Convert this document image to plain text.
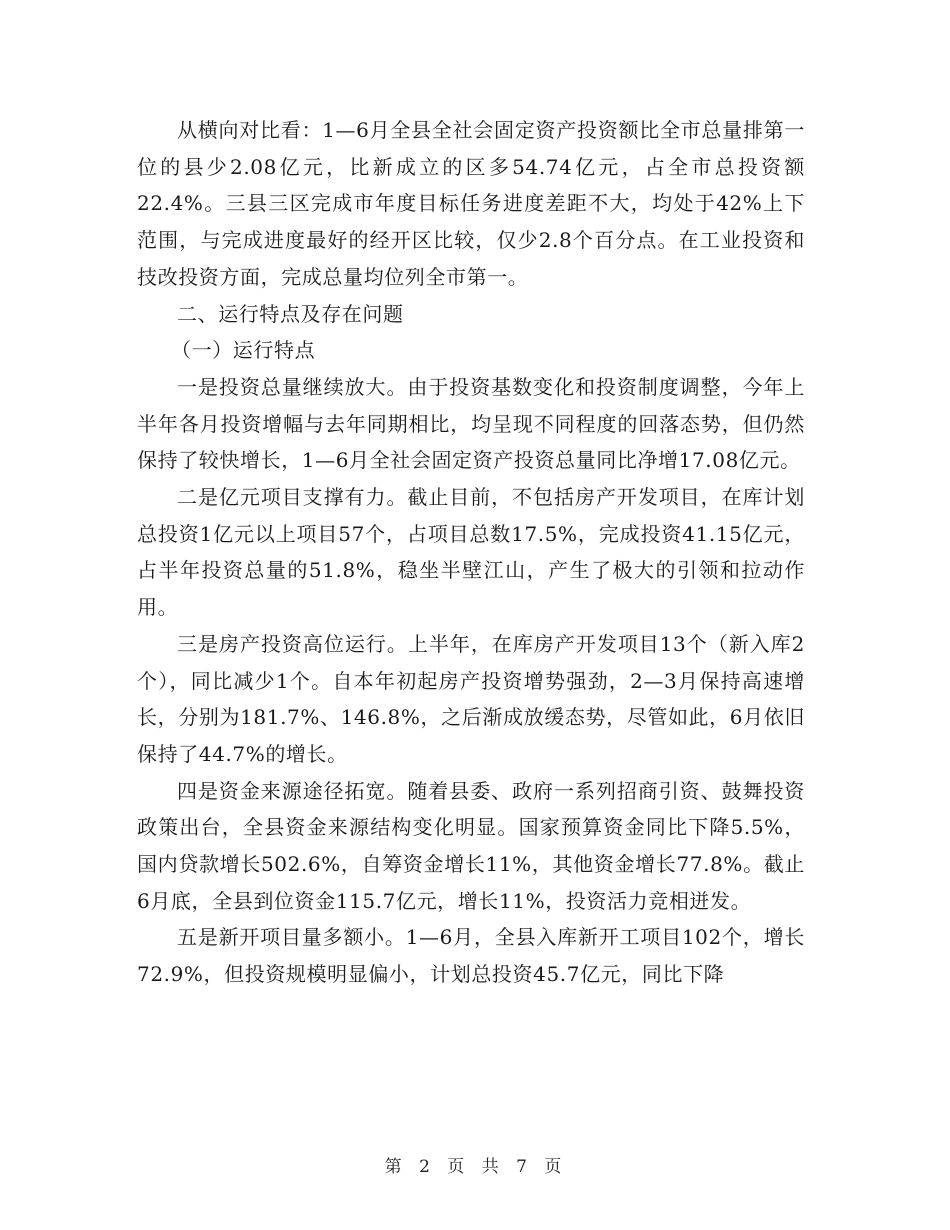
从横向对比看：1—6月全县全社会固定资产投资额比全市总量排第一位的县少2.08亿元，比新成立的区多54.74亿元，占全市总投资额22.4%。三县三区完成市年度目标任务进度差距不大，均处于42%上下范围，与完成进度最好的经开区比较，仅少2.8个百分点。在工业投资和技改投资方面，完成总量均位列全市第一。

二、运行特点及存在问题

（一）运行特点

一是投资总量继续放大。由于投资基数变化和投资制度调整，今年上半年各月投资增幅与去年同期相比，均呈现不同程度的回落态势，但仍然保持了较快增长，1—6月全社会固定资产投资总量同比净增17.08亿元。

二是亿元项目支撑有力。截止目前，不包括房产开发项目，在库计划总投资1亿元以上项目57个，占项目总数17.5%，完成投资41.15亿元，占半年投资总量的51.8%，稳坐半壁江山，产生了极大的引领和拉动作用。

三是房产投资高位运行。上半年，在库房产开发项目13个（新入库2个），同比减少1个。自本年初起房产投资增势强劲，2—3月保持高速增长，分别为181.7%、146.8%，之后渐成放缓态势，尽管如此，6月依旧保持了44.7%的增长。

四是资金来源途径拓宽。随着县委、政府一系列招商引资、鼓舞投资政策出台，全县资金来源结构变化明显。国家预算资金同比下降5.5%，国内贷款增长502.6%，自筹资金增长11%，其他资金增长77.8%。截止6月底，全县到位资金115.7亿元，增长11%，投资活力竞相迸发。

五是新开项目量多额小。1—6月，全县入库新开工项目102个，增长72.9%，但投资规模明显偏小，计划总投资45.7亿元，同比下降

第 2 页 共 7 页
